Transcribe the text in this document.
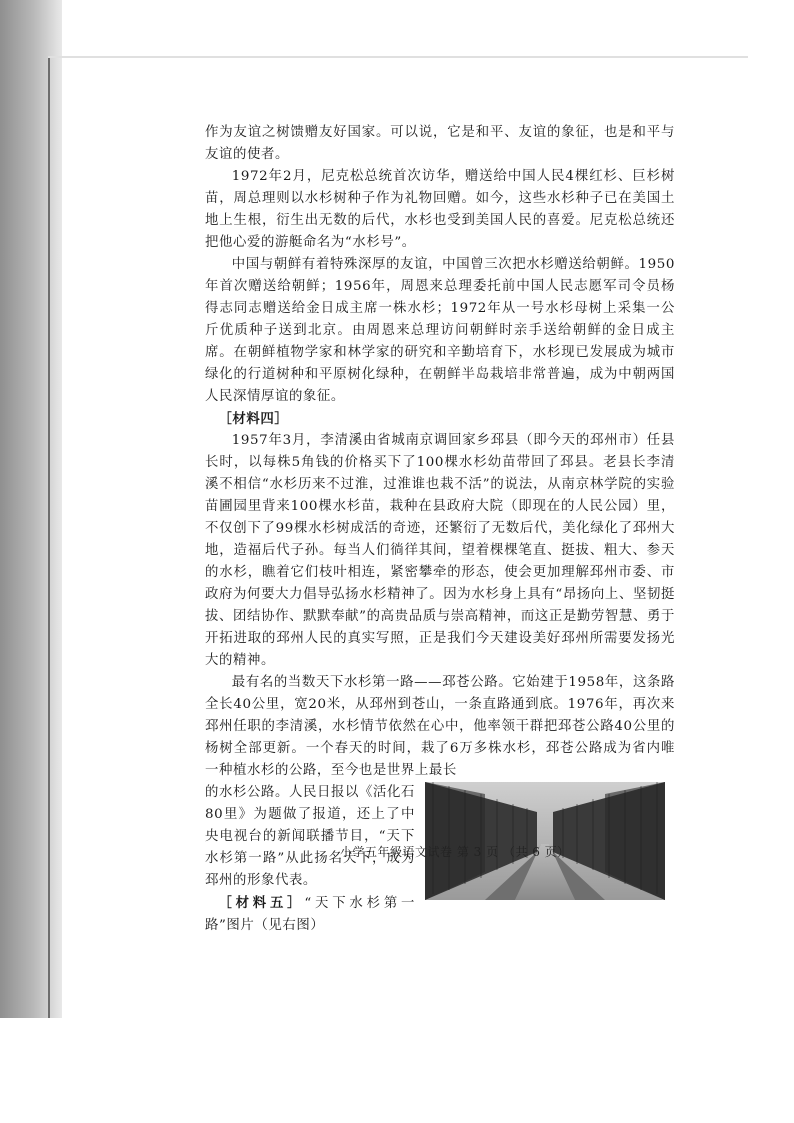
作为友谊之树馈赠友好国家。可以说，它是和平、友谊的象征，也是和平与友谊的使者。

1972年2月，尼克松总统首次访华，赠送给中国人民4棵红杉、巨杉树苗，周总理则以水杉树种子作为礼物回赠。如今，这些水杉种子已在美国土地上生根，衍生出无数的后代，水杉也受到美国人民的喜爱。尼克松总统还把他心爱的游艇命名为“水杉号”。

中国与朝鲜有着特殊深厚的友谊，中国曾三次把水杉赠送给朝鲜。1950年首次赠送给朝鲜；1956年，周恩来总理委托前中国人民志愿军司令员杨得志同志赠送给金日成主席一株水杉；1972年从一号水杉母树上采集一公斤优质种子送到北京。由周恩来总理访问朝鲜时亲手送给朝鲜的金日成主席。在朝鲜植物学家和林学家的研究和辛勤培育下，水杉现已发展成为城市绿化的行道树种和平原树化绿种，在朝鲜半岛栽培非常普遍，成为中朝两国人民深情厚谊的象征。

［材料四］

1957年3月，李清溪由省城南京调回家乡邳县（即今天的邳州市）任县长时，以每株5角钱的价格买下了100棵水杉幼苗带回了邳县。老县长李清溪不相信“水杉历来不过淮，过淮谁也栽不活”的说法，从南京林学院的实验苗圃园里背来100棵水杉苗，栽种在县政府大院（即现在的人民公园）里，不仅创下了99棵水杉树成活的奇迹，还繁衍了无数后代，美化绿化了邳州大地，造福后代子孙。每当人们徜徉其间，望着棵棵笔直、挺拔、粗大、参天的水杉，瞧着它们枝叶相连，紧密攀牵的形态，使会更加理解邳州市委、市政府为何要大力倡导弘扬水杉精神了。因为水杉身上具有“昂扬向上、坚韧挺拔、团结协作、默默奉献”的高贵品质与崇高精神，而这正是勤劳智慧、勇于开拓进取的邳州人民的真实写照，正是我们今天建设美好邳州所需要发扬光大的精神。

最有名的当数天下水杉第一路——邳苍公路。它始建于1958年，这条路全长40公里，宽20米，从邳州到苍山，一条直路通到底。1976年，再次来邳州任职的李清溪，水杉情节依然在心中，他率领干群把邳苍公路40公里的杨树全部更新。一个春天的时间，栽了6万多株水杉，邳苍公路成为省内唯一种植水杉的公路，至今也是世界上最长

的水杉公路。人民日报以《活化石80里》为题做了报道，还上了中央电视台的新闻联播节目，“天下水杉第一路”从此扬名天下，成为邳州的形象代表。

［材料五］“天下水杉第一路”图片（见右图）

小学五年级语文试卷 第 3 页 （共 6 页）
